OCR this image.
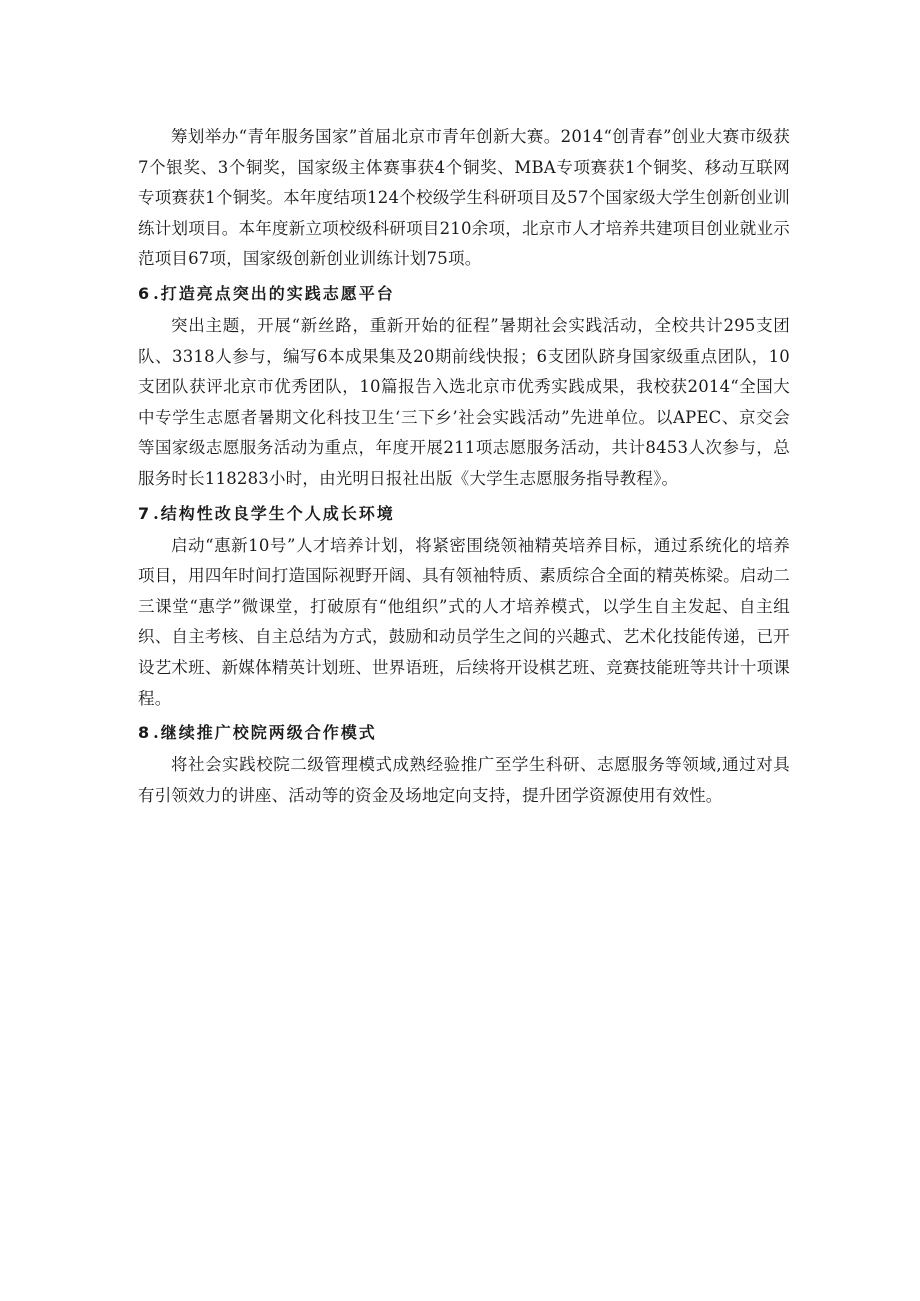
筹划举办“青年服务国家”首届北京市青年创新大赛。2014“创青春”创业大赛市级获7个银奖、3个铜奖，国家级主体赛事获4个铜奖、MBA专项赛获1个铜奖、移动互联网专项赛获1个铜奖。本年度结项124个校级学生科研项目及57个国家级大学生创新创业训练计划项目。本年度新立项校级科研项目210余项，北京市人才培养共建项目创业就业示范项目67项，国家级创新创业训练计划75项。

6 .打造亮点突出的实践志愿平台

突出主题，开展“新丝路，重新开始的征程”暑期社会实践活动，全校共计295支团队、3318人参与，编写6本成果集及20期前线快报；6支团队跻身国家级重点团队，10支团队获评北京市优秀团队，10篇报告入选北京市优秀实践成果，我校获2014“全国大中专学生志愿者暑期文化科技卫生‘三下乡’社会实践活动”先进单位。以APEC、京交会等国家级志愿服务活动为重点，年度开展211项志愿服务活动，共计8453人次参与，总服务时长118283小时，由光明日报社出版《大学生志愿服务指导教程》。

7 .结构性改良学生个人成长环境

启动“惠新10号”人才培养计划，将紧密围绕领袖精英培养目标，通过系统化的培养项目，用四年时间打造国际视野开阔、具有领袖特质、素质综合全面的精英栋梁。启动二三课堂“惠学”微课堂，打破原有“他组织”式的人才培养模式，以学生自主发起、自主组织、自主考核、自主总结为方式，鼓励和动员学生之间的兴趣式、艺术化技能传递，已开设艺术班、新媒体精英计划班、世界语班，后续将开设棋艺班、竞赛技能班等共计十项课程。

8 .继续推广校院两级合作模式

将社会实践校院二级管理模式成熟经验推广至学生科研、志愿服务等领域,通过对具有引领效力的讲座、活动等的资金及场地定向支持，提升团学资源使用有效性。
